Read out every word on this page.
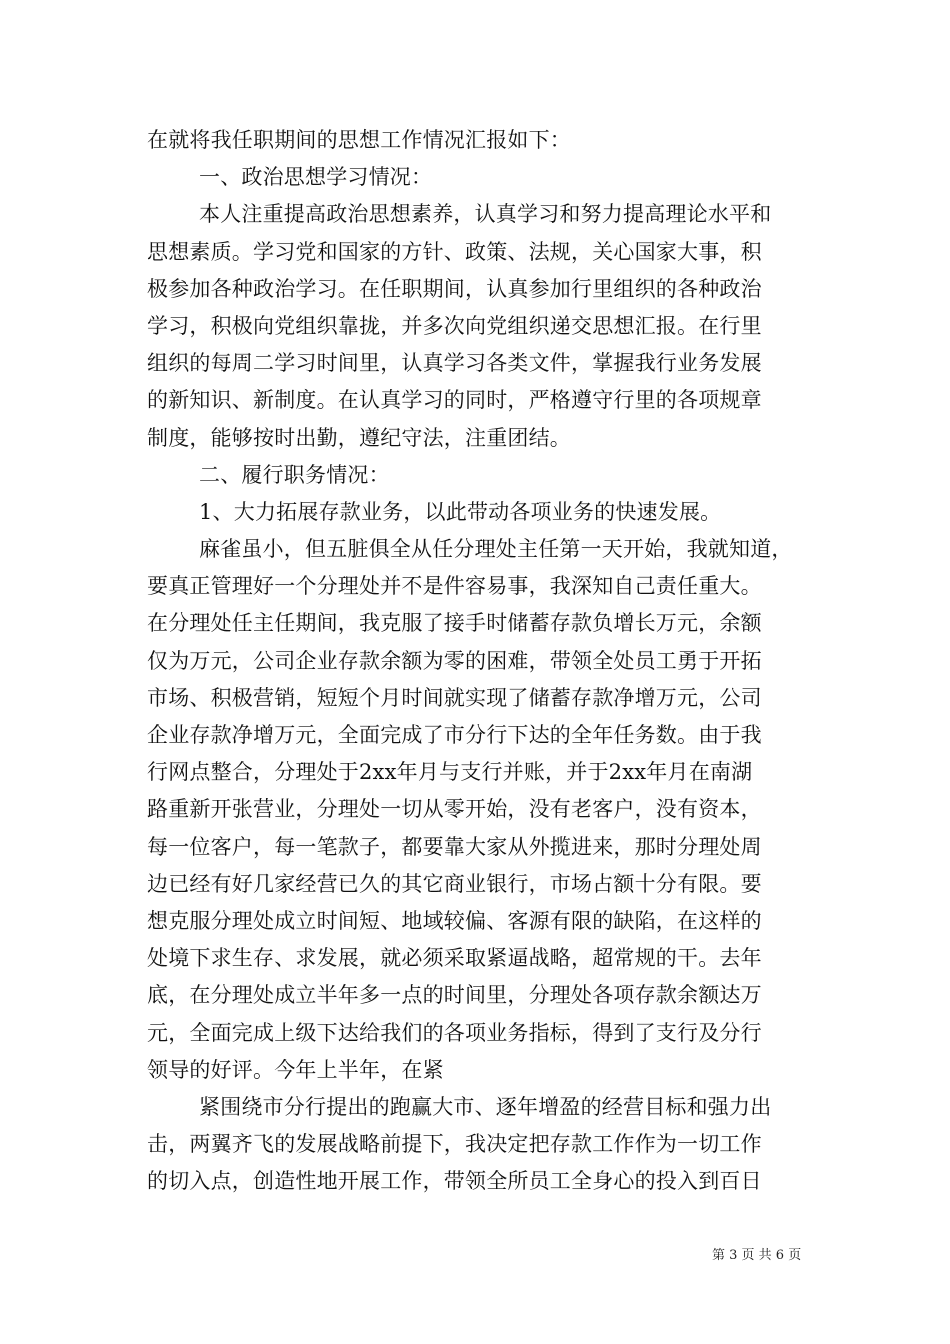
在就将我任职期间的思想工作情况汇报如下：
一、政治思想学习情况：
本人注重提高政治思想素养，认真学习和努力提高理论水平和
思想素质。学习党和国家的方针、政策、法规，关心国家大事，积
极参加各种政治学习。在任职期间，认真参加行里组织的各种政治
学习，积极向党组织靠拢，并多次向党组织递交思想汇报。在行里
组织的每周二学习时间里，认真学习各类文件，掌握我行业务发展
的新知识、新制度。在认真学习的同时，严格遵守行里的各项规章
制度，能够按时出勤，遵纪守法，注重团结。
二、履行职务情况：
1、大力拓展存款业务，以此带动各项业务的快速发展。
麻雀虽小，但五脏俱全从任分理处主任第一天开始，我就知道，
要真正管理好一个分理处并不是件容易事，我深知自己责任重大。
在分理处任主任期间，我克服了接手时储蓄存款负增长万元，余额
仅为万元，公司企业存款余额为零的困难，带领全处员工勇于开拓
市场、积极营销，短短个月时间就实现了储蓄存款净增万元，公司
企业存款净增万元，全面完成了市分行下达的全年任务数。由于我
行网点整合，分理处于2xx年月与支行并账，并于2xx年月在南湖
路重新开张营业，分理处一切从零开始，没有老客户，没有资本，
每一位客户，每一笔款子，都要靠大家从外揽进来，那时分理处周
边已经有好几家经营已久的其它商业银行，市场占额十分有限。要
想克服分理处成立时间短、地域较偏、客源有限的缺陷，在这样的
处境下求生存、求发展，就必须采取紧逼战略，超常规的干。去年
底，在分理处成立半年多一点的时间里，分理处各项存款余额达万
元，全面完成上级下达给我们的各项业务指标，得到了支行及分行
领导的好评。今年上半年，在紧
紧围绕市分行提出的跑赢大市、逐年增盈的经营目标和强力出
击，两翼齐飞的发展战略前提下，我决定把存款工作作为一切工作
的切入点，创造性地开展工作，带领全所员工全身心的投入到百日
第 3 页 共 6 页
